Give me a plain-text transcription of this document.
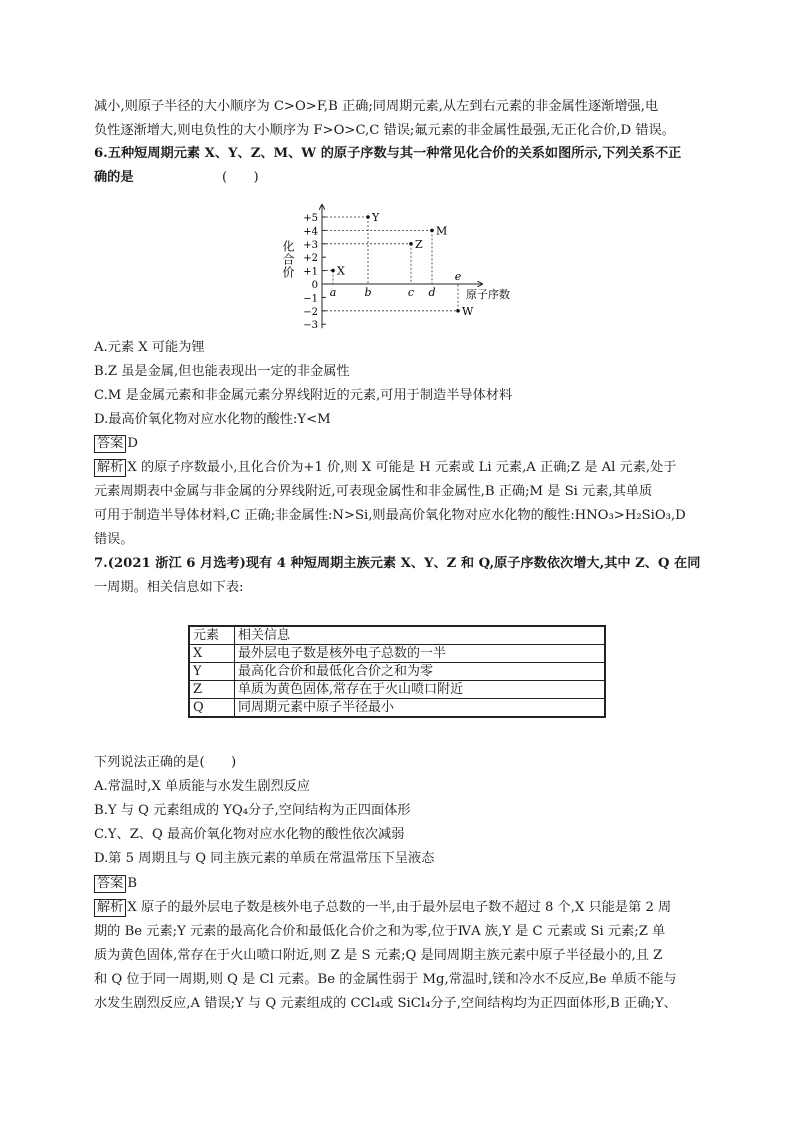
减小,则原子半径的大小顺序为 C>O>F,B 正确;同周期元素,从左到右元素的非金属性逐渐增强,电
负性逐渐增大,则电负性的大小顺序为 F>O>C,C 错误;氟元素的非金属性最强,无正化合价,D 错误。
6.五种短周期元素 X、Y、Z、M、W 的原子序数与其一种常见化合价的关系如图所示,下列关系不正
确的是	(　　)
−3
−2
−1
0
+1
+2
+3
+4
+5
化合价
a	b	c d
e
原子序数
X
Y
Z
M
W
A.元素 X 可能为锂
B.Z 虽是金属,但也能表现出一定的非金属性
C.M 是金属元素和非金属元素分界线附近的元素,可用于制造半导体材料
D.最高价氧化物对应水化物的酸性:Y<M
答案 D
解析 X 的原子序数最小,且化合价为+1 价,则 X 可能是 H 元素或 Li 元素,A 正确;Z 是 Al 元素,处于
元素周期表中金属与非金属的分界线附近,可表现金属性和非金属性,B 正确;M 是 Si 元素,其单质
可用于制造半导体材料,C 正确;非金属性:N>Si,则最高价氧化物对应水化物的酸性:HNO₃>H₂SiO₃,D
错误。
7.(2021 浙江 6 月选考)现有 4 种短周期主族元素 X、Y、Z 和 Q,原子序数依次增大,其中 Z、Q 在同
一周期。相关信息如下表:
元素	相关信息
X	最外层电子数是核外电子总数的一半
Y	最高化合价和最低化合价之和为零
Z	单质为黄色固体,常存在于火山喷口附近
Q	同周期元素中原子半径最小
下列说法正确的是(　　)
A.常温时,X 单质能与水发生剧烈反应
B.Y 与 Q 元素组成的 YQ₄分子,空间结构为正四面体形
C.Y、Z、Q 最高价氧化物对应水化物的酸性依次减弱
D.第 5 周期且与 Q 同主族元素的单质在常温常压下呈液态
答案 B
解析 X 原子的最外层电子数是核外电子总数的一半,由于最外层电子数不超过 8 个,X 只能是第 2 周
期的 Be 元素;Y 元素的最高化合价和最低化合价之和为零,位于ⅣA 族,Y 是 C 元素或 Si 元素;Z 单
质为黄色固体,常存在于火山喷口附近,则 Z 是 S 元素;Q 是同周期主族元素中原子半径最小的,且 Z
和 Q 位于同一周期,则 Q 是 Cl 元素。Be 的金属性弱于 Mg,常温时,镁和冷水不反应,Be 单质不能与
水发生剧烈反应,A 错误;Y 与 Q 元素组成的 CCl₄或 SiCl₄分子,空间结构均为正四面体形,B 正确;Y、
